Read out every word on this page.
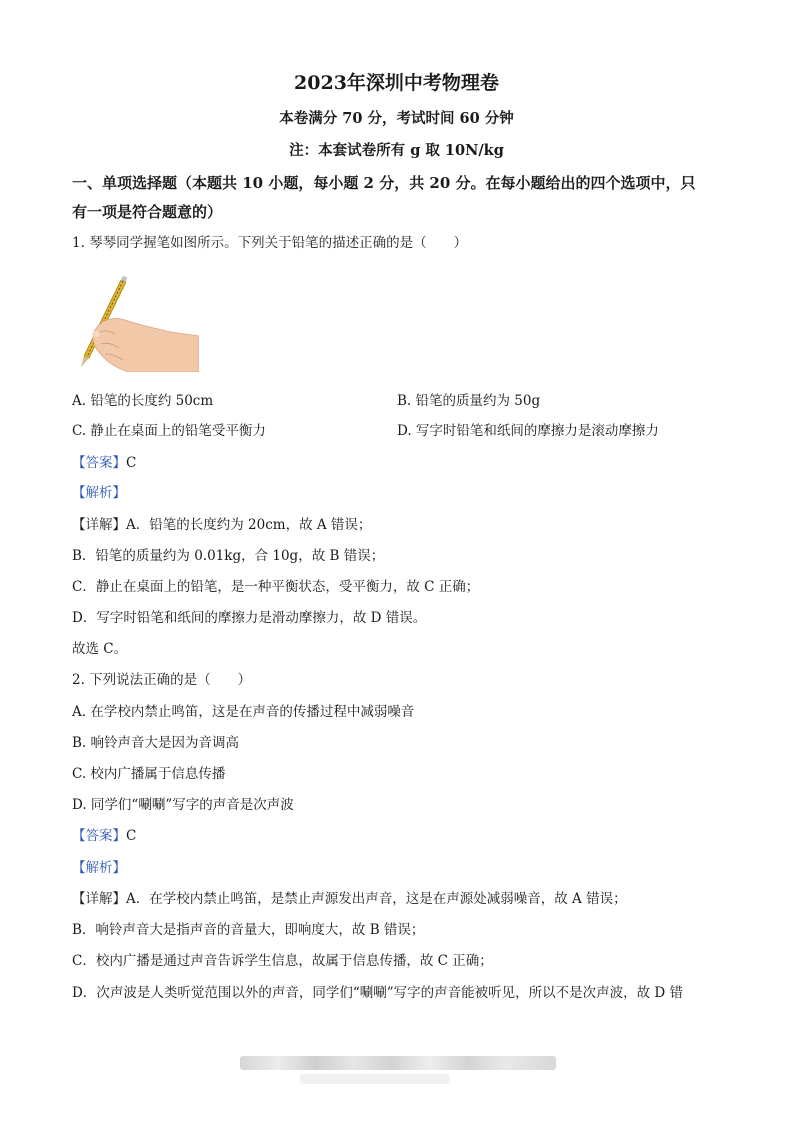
2023年深圳中考物理卷
本卷满分 70 分，考试时间 60 分钟
注：本套试卷所有 g 取 10N/kg
一、单项选择题（本题共 10 小题，每小题 2 分，共 20 分。在每小题给出的四个选项中，只
有一项是符合题意的）
1. 琴琴同学握笔如图所示。下列关于铅笔的描述正确的是（　　）
A. 铅笔的长度约 50cm	B. 铅笔的质量约为 50g
C. 静止在桌面上的铅笔受平衡力	D. 写字时铅笔和纸间的摩擦力是滚动摩擦力
【答案】C
【解析】
【详解】A．铅笔的长度约为 20cm，故 A 错误；
B．铅笔的质量约为 0.01kg，合 10g，故 B 错误；
C．静止在桌面上的铅笔，是一种平衡状态，受平衡力，故 C 正确；
D．写字时铅笔和纸间的摩擦力是滑动摩擦力，故 D 错误。
故选 C。
2. 下列说法正确的是（　　）
A. 在学校内禁止鸣笛，这是在声音的传播过程中减弱噪音
B. 响铃声音大是因为音调高
C. 校内广播属于信息传播
D. 同学们“唰唰”写字的声音是次声波
【答案】C
【解析】
【详解】A．在学校内禁止鸣笛，是禁止声源发出声音，这是在声源处减弱噪音，故 A 错误；
B．响铃声音大是指声音的音量大，即响度大，故 B 错误；
C．校内广播是通过声音告诉学生信息，故属于信息传播，故 C 正确；
D．次声波是人类听觉范围以外的声音，同学们“唰唰”写字的声音能被听见，所以不是次声波，故 D 错
